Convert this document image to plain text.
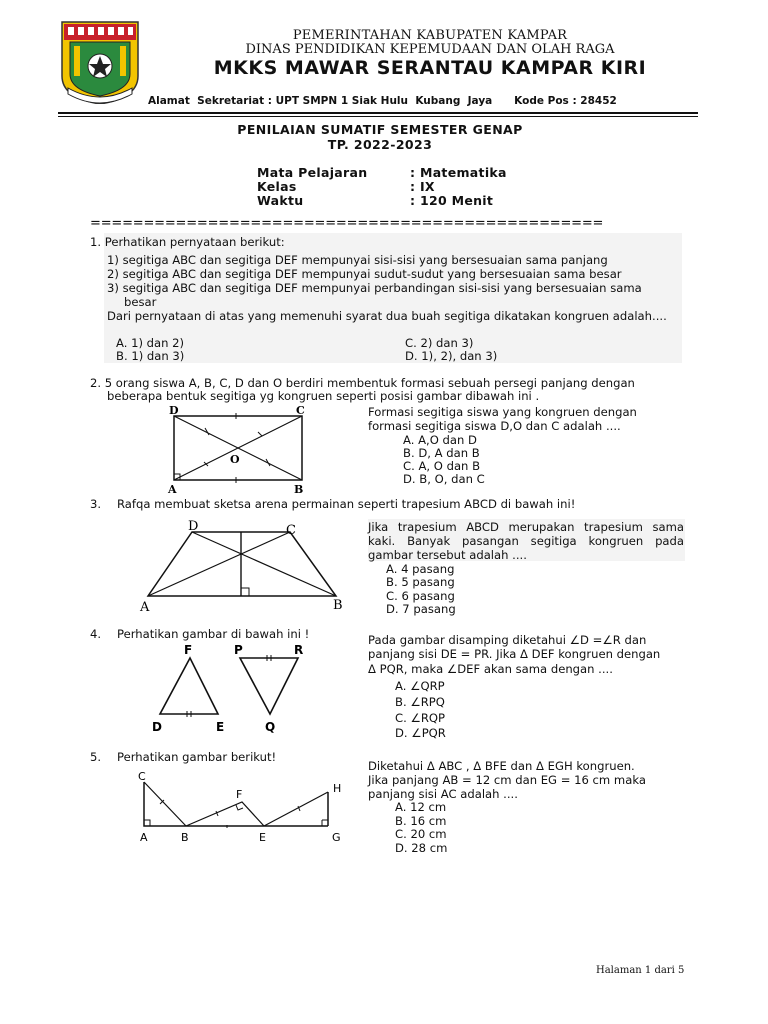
PEMERINTAHAN KABUPATEN KAMPAR
DINAS PENDIDIKAN KEPEMUDAAN DAN OLAH RAGA
MKKS MAWAR SERANTAU KAMPAR KIRI
Alamat  Sekretariat : UPT SMPN 1 Siak Hulu  Kubang  Jaya      Kode Pos : 28452
PENILAIAN SUMATIF SEMESTER GENAP
TP. 2022-2023
Mata Pelajaran	: Matematika
Kelas	: IX
Waktu	: 120 Menit
================================================
1. Perhatikan pernyataan berikut:
1) segitiga ABC dan segitiga DEF mempunyai sisi-sisi yang bersesuaian sama panjang
2) segitiga ABC dan segitiga DEF mempunyai sudut-sudut yang bersesuaian sama besar
3) segitiga ABC dan segitiga DEF mempunyai perbandingan sisi-sisi yang bersesuaian sama
besar
Dari pernyataan di atas yang memenuhi syarat dua buah segitiga dikatakan kongruen adalah....
A. 1) dan 2)
B. 1) dan 3)
C. 2) dan 3)
D. 1), 2), dan 3)
2. 5 orang siswa A, B, C, D dan O berdiri membentuk formasi sebuah persegi panjang dengan
beberapa bentuk segitiga yg kongruen seperti posisi gambar dibawah ini .
D	C
A	B
O
Formasi segitiga siswa yang kongruen dengan
formasi segitiga siswa D,O dan C adalah ....
A. A,O dan D
B. D, A dan B
C. A, O dan B
D. B, O, dan C
3. Rafqa membuat sketsa arena permainan seperti trapesium ABCD di bawah ini!
D	C
A	B
Jika trapesium ABCD merupakan trapesium sama kaki. Banyak pasangan segitiga kongruen pada gambar tersebut adalah ....
A. 4 pasang
B. 5 pasang
C. 6 pasang
D. 7 pasang
4. Perhatikan gambar di bawah ini !
F	P	R
D	E	Q
Pada gambar disamping diketahui ∠D =∠R dan
panjang sisi DE = PR. Jika Δ DEF kongruen dengan
Δ PQR, maka ∠DEF akan sama dengan ....
A. ∠QRP
B. ∠RPQ
C. ∠RQP
D. ∠PQR
5. Perhatikan gambar berikut!
C
F	H
A	B	E	G
Diketahui Δ ABC , Δ BFE dan Δ EGH kongruen.
Jika panjang AB = 12 cm dan EG = 16 cm maka
panjang sisi AC adalah ....
A. 12 cm
B. 16 cm
C. 20 cm
D. 28 cm
Halaman 1 dari 5
